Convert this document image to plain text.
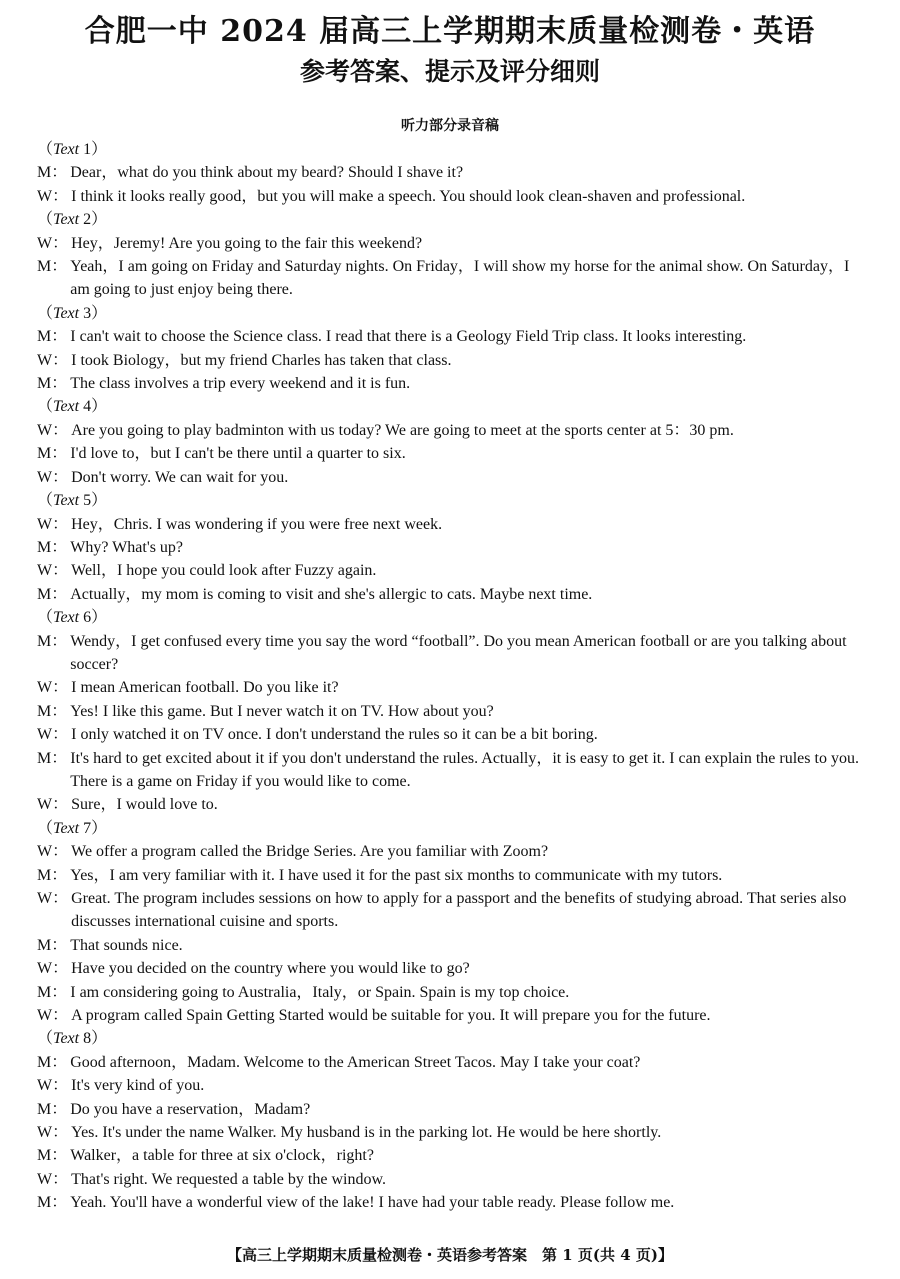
合肥一中 2024 届高三上学期期末质量检测卷・英语
参考答案、提示及评分细则
听力部分录音稿
（Text 1）
M ： Dear，what do you think about my beard? Should I shave it?
W ： I think it looks really good，but you will make a speech. You should look clean-shaven and professional.
（Text 2）
W ： Hey，Jeremy! Are you going to the fair this weekend?
M ： Yeah，I am going on Friday and Saturday nights. On Friday，I will show my horse for the animal show. On Saturday，I am going to just enjoy being there.
（Text 3）
M ： I can't wait to choose the Science class. I read that there is a Geology Field Trip class. It looks interesting.
W ： I took Biology，but my friend Charles has taken that class.
M ： The class involves a trip every weekend and it is fun.
（Text 4）
W ： Are you going to play badminton with us today? We are going to meet at the sports center at 5：30 pm.
M ： I'd love to，but I can't be there until a quarter to six.
W ： Don't worry. We can wait for you.
（Text 5）
W ： Hey，Chris. I was wondering if you were free next week.
M ： Why? What's up?
W ： Well，I hope you could look after Fuzzy again.
M ： Actually，my mom is coming to visit and she's allergic to cats. Maybe next time.
（Text 6）
M ： Wendy，I get confused every time you say the word “football”. Do you mean American football or are you talking about soccer?
W ： I mean American football. Do you like it?
M ： Yes! I like this game. But I never watch it on TV. How about you?
W ： I only watched it on TV once. I don't understand the rules so it can be a bit boring.
M ： It's hard to get excited about it if you don't understand the rules. Actually，it is easy to get it. I can explain the rules to you. There is a game on Friday if you would like to come.
W ： Sure，I would love to.
（Text 7）
W ： We offer a program called the Bridge Series. Are you familiar with Zoom?
M ： Yes，I am very familiar with it. I have used it for the past six months to communicate with my tutors.
W ： Great. The program includes sessions on how to apply for a passport and the benefits of studying abroad. That series also discusses international cuisine and sports.
M ： That sounds nice.
W ： Have you decided on the country where you would like to go?
M ： I am considering going to Australia，Italy，or Spain. Spain is my top choice.
W ： A program called Spain Getting Started would be suitable for you. It will prepare you for the future.
（Text 8）
M ： Good afternoon，Madam. Welcome to the American Street Tacos. May I take your coat?
W ： It's very kind of you.
M ： Do you have a reservation，Madam?
W ： Yes. It's under the name Walker. My husband is in the parking lot. He would be here shortly.
M ： Walker，a table for three at six o'clock，right?
W ： That's right. We requested a table by the window.
M ： Yeah. You'll have a wonderful view of the lake! I have had your table ready. Please follow me.
【高三上学期期末质量检测卷・英语参考答案　第 1 页(共 4 页)】
